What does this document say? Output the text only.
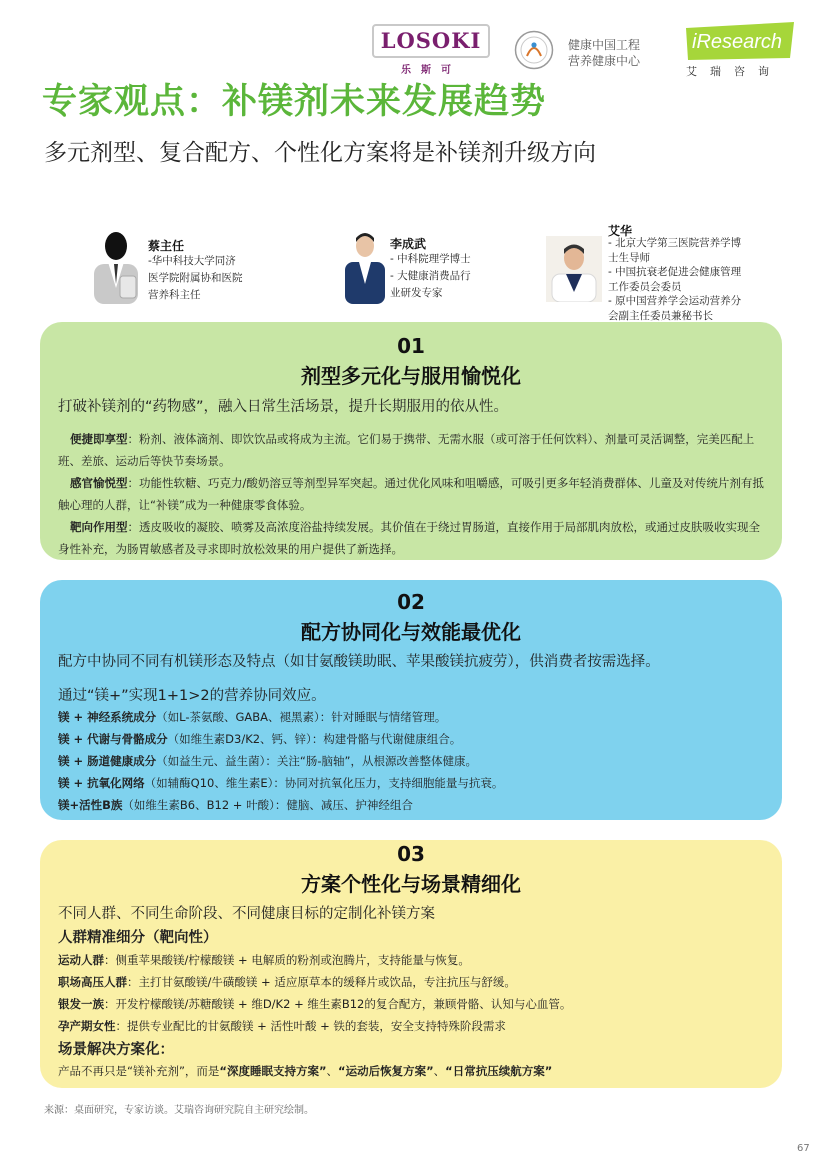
LOSOKI
乐斯可
健康中国工程
营养健康中心
iResearch
艾瑞咨询
专家观点：补镁剂未来发展趋势
多元剂型、复合配方、个性化方案将是补镁剂升级方向
蔡主任
-华中科技大学同济
医学院附属协和医院
营养科主任
李成武
- 中科院理学博士
- 大健康消费品行
业研发专家
艾华
- 北京大学第三医院营养学博
士生导师
- 中国抗衰老促进会健康管理
工作委员会委员
- 原中国营养学会运动营养分
会副主任委员兼秘书长
01
剂型多元化与服用愉悦化
打破补镁剂的“药物感”，融入日常生活场景，提升长期服用的依从性。
便捷即享型：粉剂、液体滴剂、即饮饮品或将成为主流。它们易于携带、无需水服（或可溶于任何饮料）、剂量可灵活调整，完美匹配上班、差旅、运动后等快节奏场景。
感官愉悦型：功能性软糖、巧克力/酸奶溶豆等剂型异军突起。通过优化风味和咀嚼感，可吸引更多年轻消费群体、儿童及对传统片剂有抵触心理的人群，让“补镁”成为一种健康零食体验。
靶向作用型：透皮吸收的凝胶、喷雾及高浓度浴盐持续发展。其价值在于绕过胃肠道，直接作用于局部肌肉放松，或通过皮肤吸收实现全身性补充，为肠胃敏感者及寻求即时放松效果的用户提供了新选择。
02
配方协同化与效能最优化
配方中协同不同有机镁形态及特点（如甘氨酸镁助眠、苹果酸镁抗疲劳），供消费者按需选择。
通过“镁+”实现1+1>2的营养协同效应。
镁 + 神经系统成分（如L-茶氨酸、GABA、褪黑素）：针对睡眠与情绪管理。
镁 + 代谢与骨骼成分（如维生素D3/K2、钙、锌）：构建骨骼与代谢健康组合。
镁 + 肠道健康成分（如益生元、益生菌）：关注“肠-脑轴”，从根源改善整体健康。
镁 + 抗氧化网络（如辅酶Q10、维生素E）：协同对抗氧化压力，支持细胞能量与抗衰。
镁+活性B族（如维生素B6、B12 + 叶酸）：健脑、减压、护神经组合
03
方案个性化与场景精细化
不同人群、不同生命阶段、不同健康目标的定制化补镁方案
人群精准细分（靶向性）
运动人群：侧重苹果酸镁/柠檬酸镁 + 电解质的粉剂或泡腾片，支持能量与恢复。
职场高压人群：主打甘氨酸镁/牛磺酸镁 + 适应原草本的缓释片或饮品，专注抗压与舒缓。
银发一族：开发柠檬酸镁/苏糖酸镁 + 维D/K2 + 维生素B12的复合配方，兼顾骨骼、认知与心血管。
孕产期女性：提供专业配比的甘氨酸镁 + 活性叶酸 + 铁的套装，安全支持特殊阶段需求
场景解决方案化：
产品不再只是“镁补充剂”，而是“深度睡眠支持方案”、“运动后恢复方案”、“日常抗压续航方案”
来源：桌面研究，专家访谈。艾瑞咨询研究院自主研究绘制。
67
